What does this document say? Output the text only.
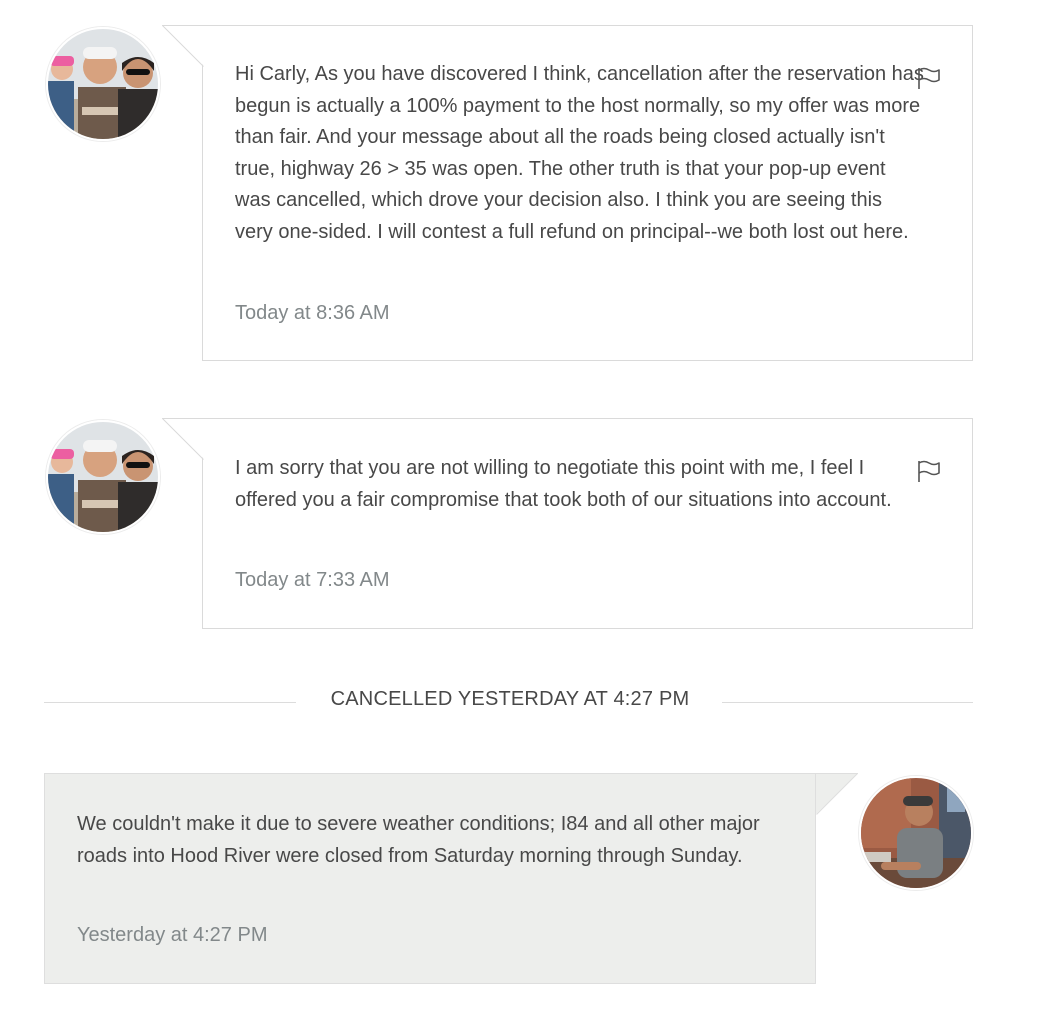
Hi Carly, As you have discovered I think, cancellation after the reservation has begun is actually a 100% payment to the host normally, so my offer was more than fair. And your message about all the roads being closed actually isn't true, highway 26 > 35 was open. The other truth is that your pop-up event was cancelled, which drove your decision also. I think you are seeing this very one-sided. I will contest a full refund on principal--we both lost out here.

Today at 8:36 AM

I am sorry that you are not willing to negotiate this point with me, I feel I offered you a fair compromise that took both of our situations into account.

Today at 7:33 AM
CANCELLED YESTERDAY AT 4:27 PM

We couldn't make it due to severe weather conditions; I84 and all other major roads into Hood River were closed from Saturday morning through Sunday.

Yesterday at 4:27 PM
